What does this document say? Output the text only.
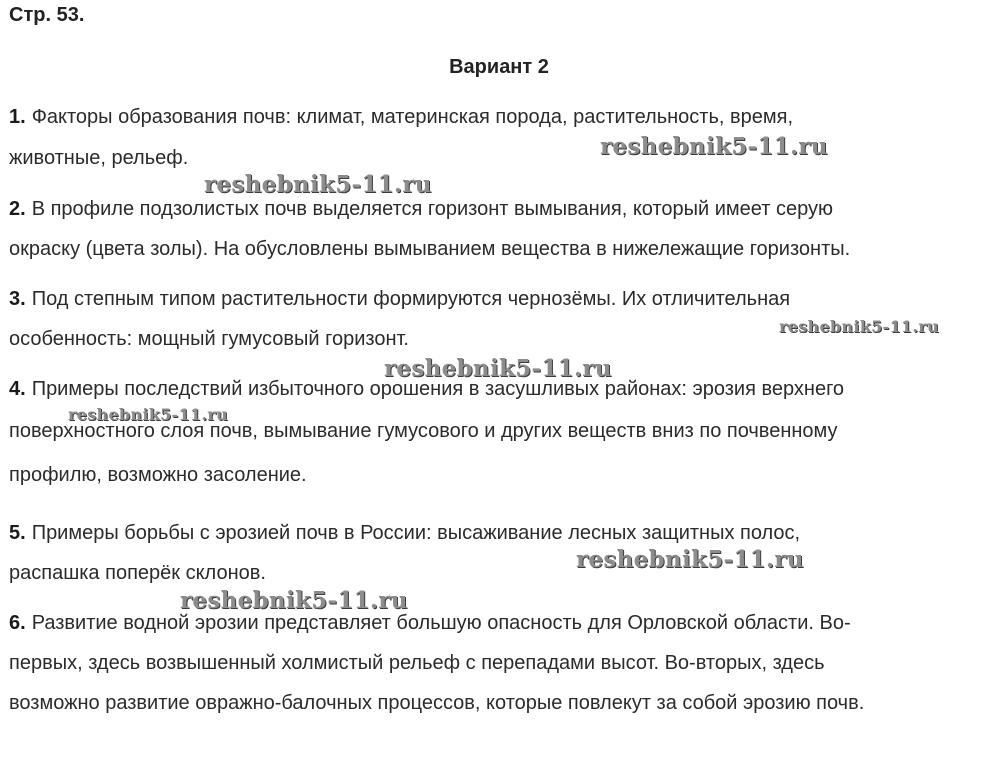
Стр. 53.
Вариант 2
1. Факторы образования почв: климат, материнская порода, растительность, время,
животные, рельеф.
2. В профиле подзолистых почв выделяется горизонт вымывания, который имеет серую
окраску (цвета золы). На обусловлены вымыванием вещества в нижележащие горизонты.
3. Под степным типом растительности формируются чернозёмы. Их отличительная
особенность: мощный гумусовый горизонт.
4. Примеры последствий избыточного орошения в засушливых районах: эрозия верхнего
поверхностного слоя почв, вымывание гумусового и других веществ вниз по почвенному
профилю, возможно засоление.
5. Примеры борьбы с эрозией почв в России: высаживание лесных защитных полос,
распашка поперёк склонов.
6. Развитие водной эрозии представляет большую опасность для Орловской области. Во-
первых, здесь возвышенный холмистый рельеф с перепадами высот. Во-вторых, здесь
возможно развитие овражно-балочных процессов, которые повлекут за собой эрозию почв.
reshebnik5-11.ru
reshebnik5-11.ru
reshebnik5-11.ru
reshebnik5-11.ru
reshebnik5-11.ru
reshebnik5-11.ru
reshebnik5-11.ru
